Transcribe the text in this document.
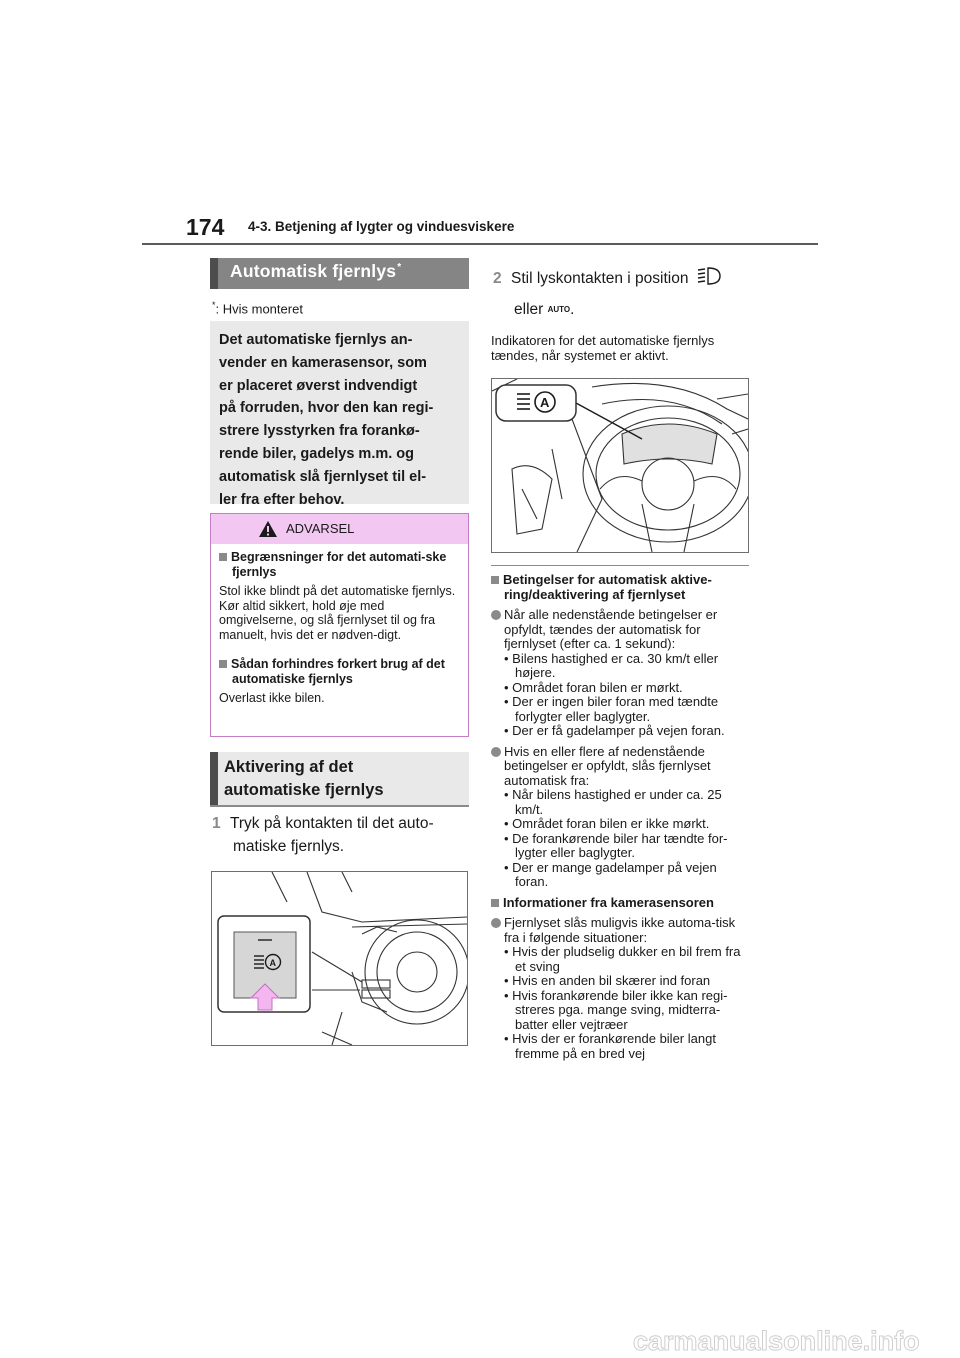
174 4-3. Betjening af lygter og vinduesviskere
Automatisk fjernlys*
*: Hvis monteret
Det automatiske fjernlys an-
vender en kamerasensor, som
er placeret øverst indvendigt
på forruden, hvor den kan regi-
strere lysstyrken fra forankø-
rende biler, gadelys m.m. og
automatisk slå fjernlyset til el-
ler fra efter behov.
ADVARSEL
Begrænsninger for det automati-ske fjernlys
Stol ikke blindt på det automatiske fjernlys. Kør altid sikkert, hold øje med omgivelserne, og slå fjernlyset til og fra manuelt, hvis det er nødven-digt.
Sådan forhindres forkert brug af det automatiske fjernlys
Overlast ikke bilen.
Aktivering af det
automatiske fjernlys
1 Tryk på kontakten til det auto-
matiske fjernlys.
A
2 Stil lyskontakten i position
eller AUTO.
Indikatoren for det automatiske fjernlys tændes, når systemet er aktivt.
A
Betingelser for automatisk aktive-ring/deaktivering af fjernlyset
Når alle nedenstående betingelser er opfyldt, tændes der automatisk for fjernlyset (efter ca. 1 sekund):
• Bilens hastighed er ca. 30 km/t eller højere.
• Området foran bilen er mørkt.
• Der er ingen biler foran med tændte forlygter eller baglygter.
• Der er få gadelamper på vejen foran.
Hvis en eller flere af nedenstående betingelser er opfyldt, slås fjernlyset automatisk fra:
• Når bilens hastighed er under ca. 25 km/t.
• Området foran bilen er ikke mørkt.
• De forankørende biler har tændte for-lygter eller baglygter.
• Der er mange gadelamper på vejen foran.
Informationer fra kamerasensoren
Fjernlyset slås muligvis ikke automa-tisk fra i følgende situationer:
• Hvis der pludselig dukker en bil frem fra et sving
• Hvis en anden bil skærer ind foran
• Hvis forankørende biler ikke kan regi-streres pga. mange sving, midterra-batter eller vejtræer
• Hvis der er forankørende biler langt fremme på en bred vej
carmanualsonline.info
